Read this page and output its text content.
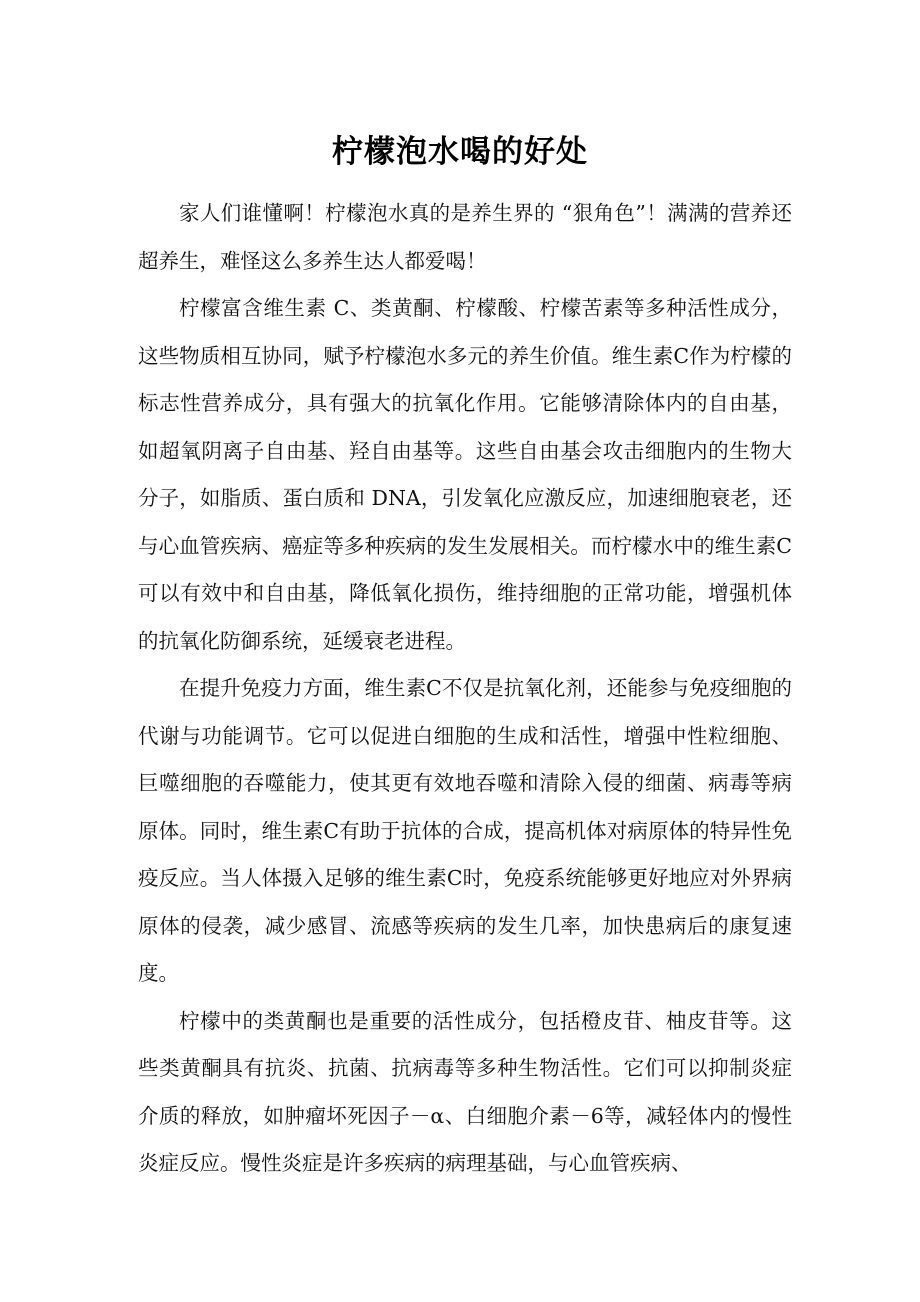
柠檬泡水喝的好处

家人们谁懂啊！柠檬泡水真的是养生界的 “狠角色”！满满的营养还超养生，难怪这么多养生达人都爱喝！

柠檬富含维生素 C、类黄酮、柠檬酸、柠檬苦素等多种活性成分，这些物质相互协同，赋予柠檬泡水多元的养生价值。维生素C作为柠檬的标志性营养成分，具有强大的抗氧化作用。它能够清除体内的自由基，如超氧阴离子自由基、羟自由基等。这些自由基会攻击细胞内的生物大分子，如脂质、蛋白质和 DNA，引发氧化应激反应，加速细胞衰老，还与心血管疾病、癌症等多种疾病的发生发展相关。而柠檬水中的维生素C可以有效中和自由基，降低氧化损伤，维持细胞的正常功能，增强机体的抗氧化防御系统，延缓衰老进程。

在提升免疫力方面，维生素C不仅是抗氧化剂，还能参与免疫细胞的代谢与功能调节。它可以促进白细胞的生成和活性，增强中性粒细胞、巨噬细胞的吞噬能力，使其更有效地吞噬和清除入侵的细菌、病毒等病原体。同时，维生素C有助于抗体的合成，提高机体对病原体的特异性免疫反应。当人体摄入足够的维生素C时，免疫系统能够更好地应对外界病原体的侵袭，减少感冒、流感等疾病的发生几率，加快患病后的康复速度。

柠檬中的类黄酮也是重要的活性成分，包括橙皮苷、柚皮苷等。这些类黄酮具有抗炎、抗菌、抗病毒等多种生物活性。它们可以抑制炎症介质的释放，如肿瘤坏死因子－α、白细胞介素－6等，减轻体内的慢性炎症反应。慢性炎症是许多疾病的病理基础，与心血管疾病、
